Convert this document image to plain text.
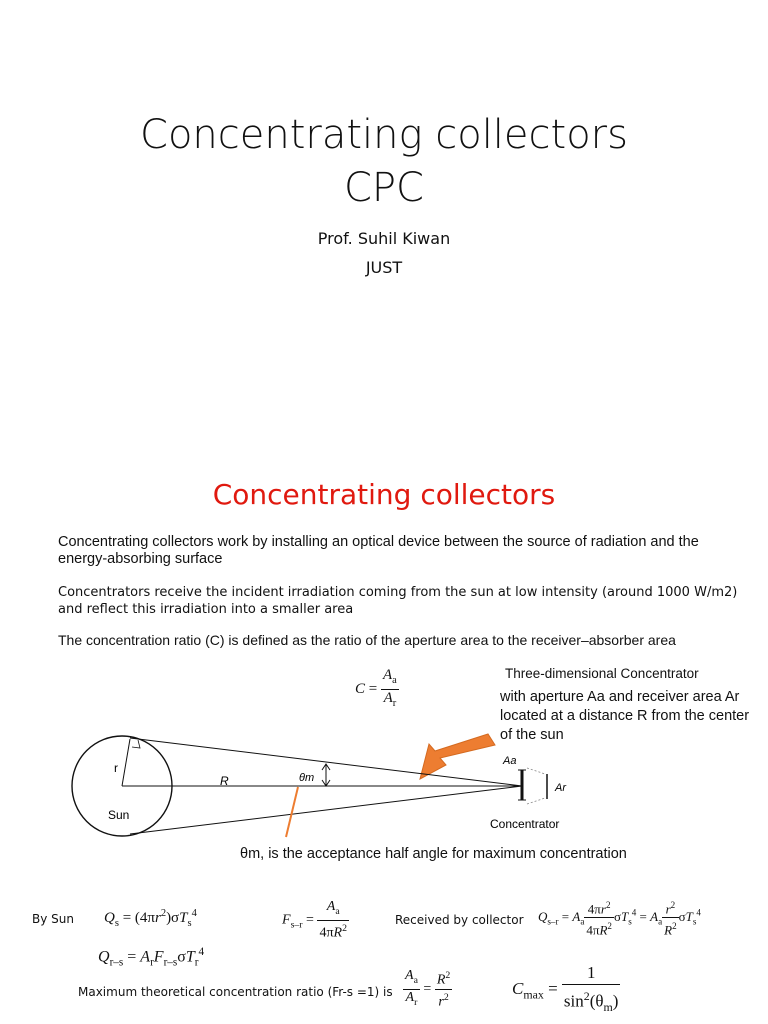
Concentrating collectors
CPC
Prof. Suhil Kiwan
JUST
Concentrating collectors
Concentrating collectors work by installing an optical device between the source of radiation and the energy-absorbing surface
Concentrators receive the incident irradiation coming from the sun at low intensity (around 1000 W/m2) and reflect this irradiation into a smaller area
The concentration ratio (C) is defined as the ratio of the aperture area to the receiver–absorber area
$C = \frac{A_a}{A_r}$	Three-dimensional Concentrator
with aperture Aa and receiver area Ar located at a distance R from the center of the sun
Sun
r
R	θm
Aa
Ar
Concentrator
θm, is the acceptance half angle for maximum concentration
By Sun $Q_s = (4\pi r^2)\sigma T_s^4$	$F_{s-r} = \frac{A_a}{4\pi R^2}$	Received by collector $Q_{s-r} = A_a \frac{4\pi r^2}{4\pi R^2} \sigma T_s^4 = A_a \frac{r^2}{R^2} \sigma T_s^4$
$Q_{r-s} = A_rF_{r-s}\sigma T_r^4$
Maximum theoretical concentration ratio (Fr-s =1) is $\frac{A_a}{A_r} = \frac{R^2}{r^2}$	$C_{max} = \frac{1}{\sin^2(\theta_m)}$
